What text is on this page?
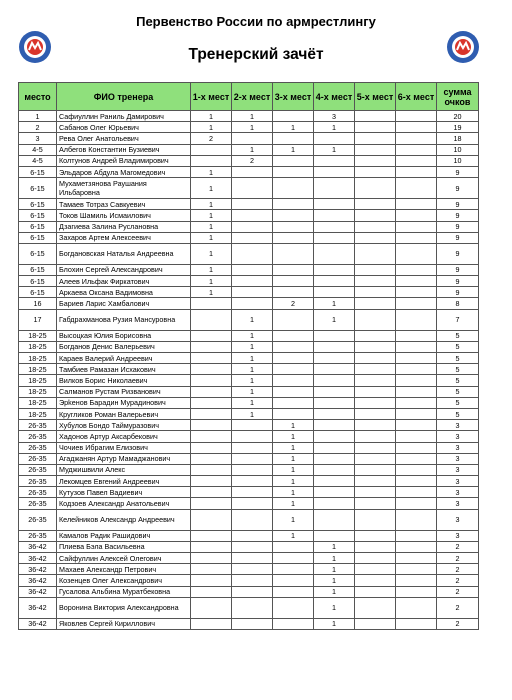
Первенство России по армрестлингу
Тренерский зачёт
место	ФИО тренера	1-х мест	2-х мест	3-х мест	4-х мест	5-х мест	6-х мест	сумма очков
1	Сафиуллин Раниль Дамирович	1	1		3			20
2	Сабанов Олег Юрьевич	1	1	1	1			19
3	Рева Олег Анатольевич	2						18
4-5	Албегов Константин Бузиевич		1	1	1			10
4-5	Колтунов Андрей Владимирович		2					10
6-15	Эльдаров Абдула Магомедович	1						9
6-15	Мухаметзянова Раушания Ильбаровна	1						9
6-15	Тамаев Тотраз Савкуевич	1						9
6-15	Токов Шамиль Исмаилович	1						9
6-15	Дзагиева Залина Руслановна	1						9
6-15	Захаров Артем Алексеевич	1						9
6-15	Богдановская Наталья Андреевна	1						9
6-15	Блохин Сергей Александрович	1						9
6-15	Алеев Ильфак Фиркатович	1						9
6-15	Аркаева Оксана Вадимовна	1						9
16	Бариев Ларис Хамбалович			2	1			8
17	Габдрахманова Рузия Мансуровна		1		1			7
18-25	Высоцкая Юлия Борисовна		1					5
18-25	Богданов Денис Валерьевич		1					5
18-25	Караев Валерий Андреевич		1					5
18-25	Тамбиев Рамазан Исхакович		1					5
18-25	Вилков Борис Николаевич		1					5
18-25	Салманов Рустам Ризванович		1					5
18-25	Эрkенов Барадин Мурадинович		1					5
18-25	Кругликов Роман Валерьевич		1					5
26-35	Хубулов Бондо Таймуразович			1				3
26-35	Хадонов Артур Аксарбекович			1				3
26-35	Чочиев Ибрагим Елизович			1				3
26-35	Агаджанян Артур Мамаджанович			1				3
26-35	Муджишвили Алекс			1				3
26-35	Лекомцев Евгений Андреевич			1				3
26-35	Кутузов Павел Вадиевич			1				3
26-35	Кодзоев Александр Анатольевич			1				3
26-35	Келейников Александр Андреевич			1				3
26-35	Камалов Радик Рашидович			1				3
36-42	Плиева Бэла Васильевна				1			2
36-42	Сайфуллин Алексей Олегович				1			2
36-42	Махаев Александр Петрович				1			2
36-42	Козенцев Олег Александрович				1			2
36-42	Гусалова Альбина Муратбековна				1			2
36-42	Воронина Виктория Александровна				1			2
36-42	Яковлев Сергей Кириллович				1			2
